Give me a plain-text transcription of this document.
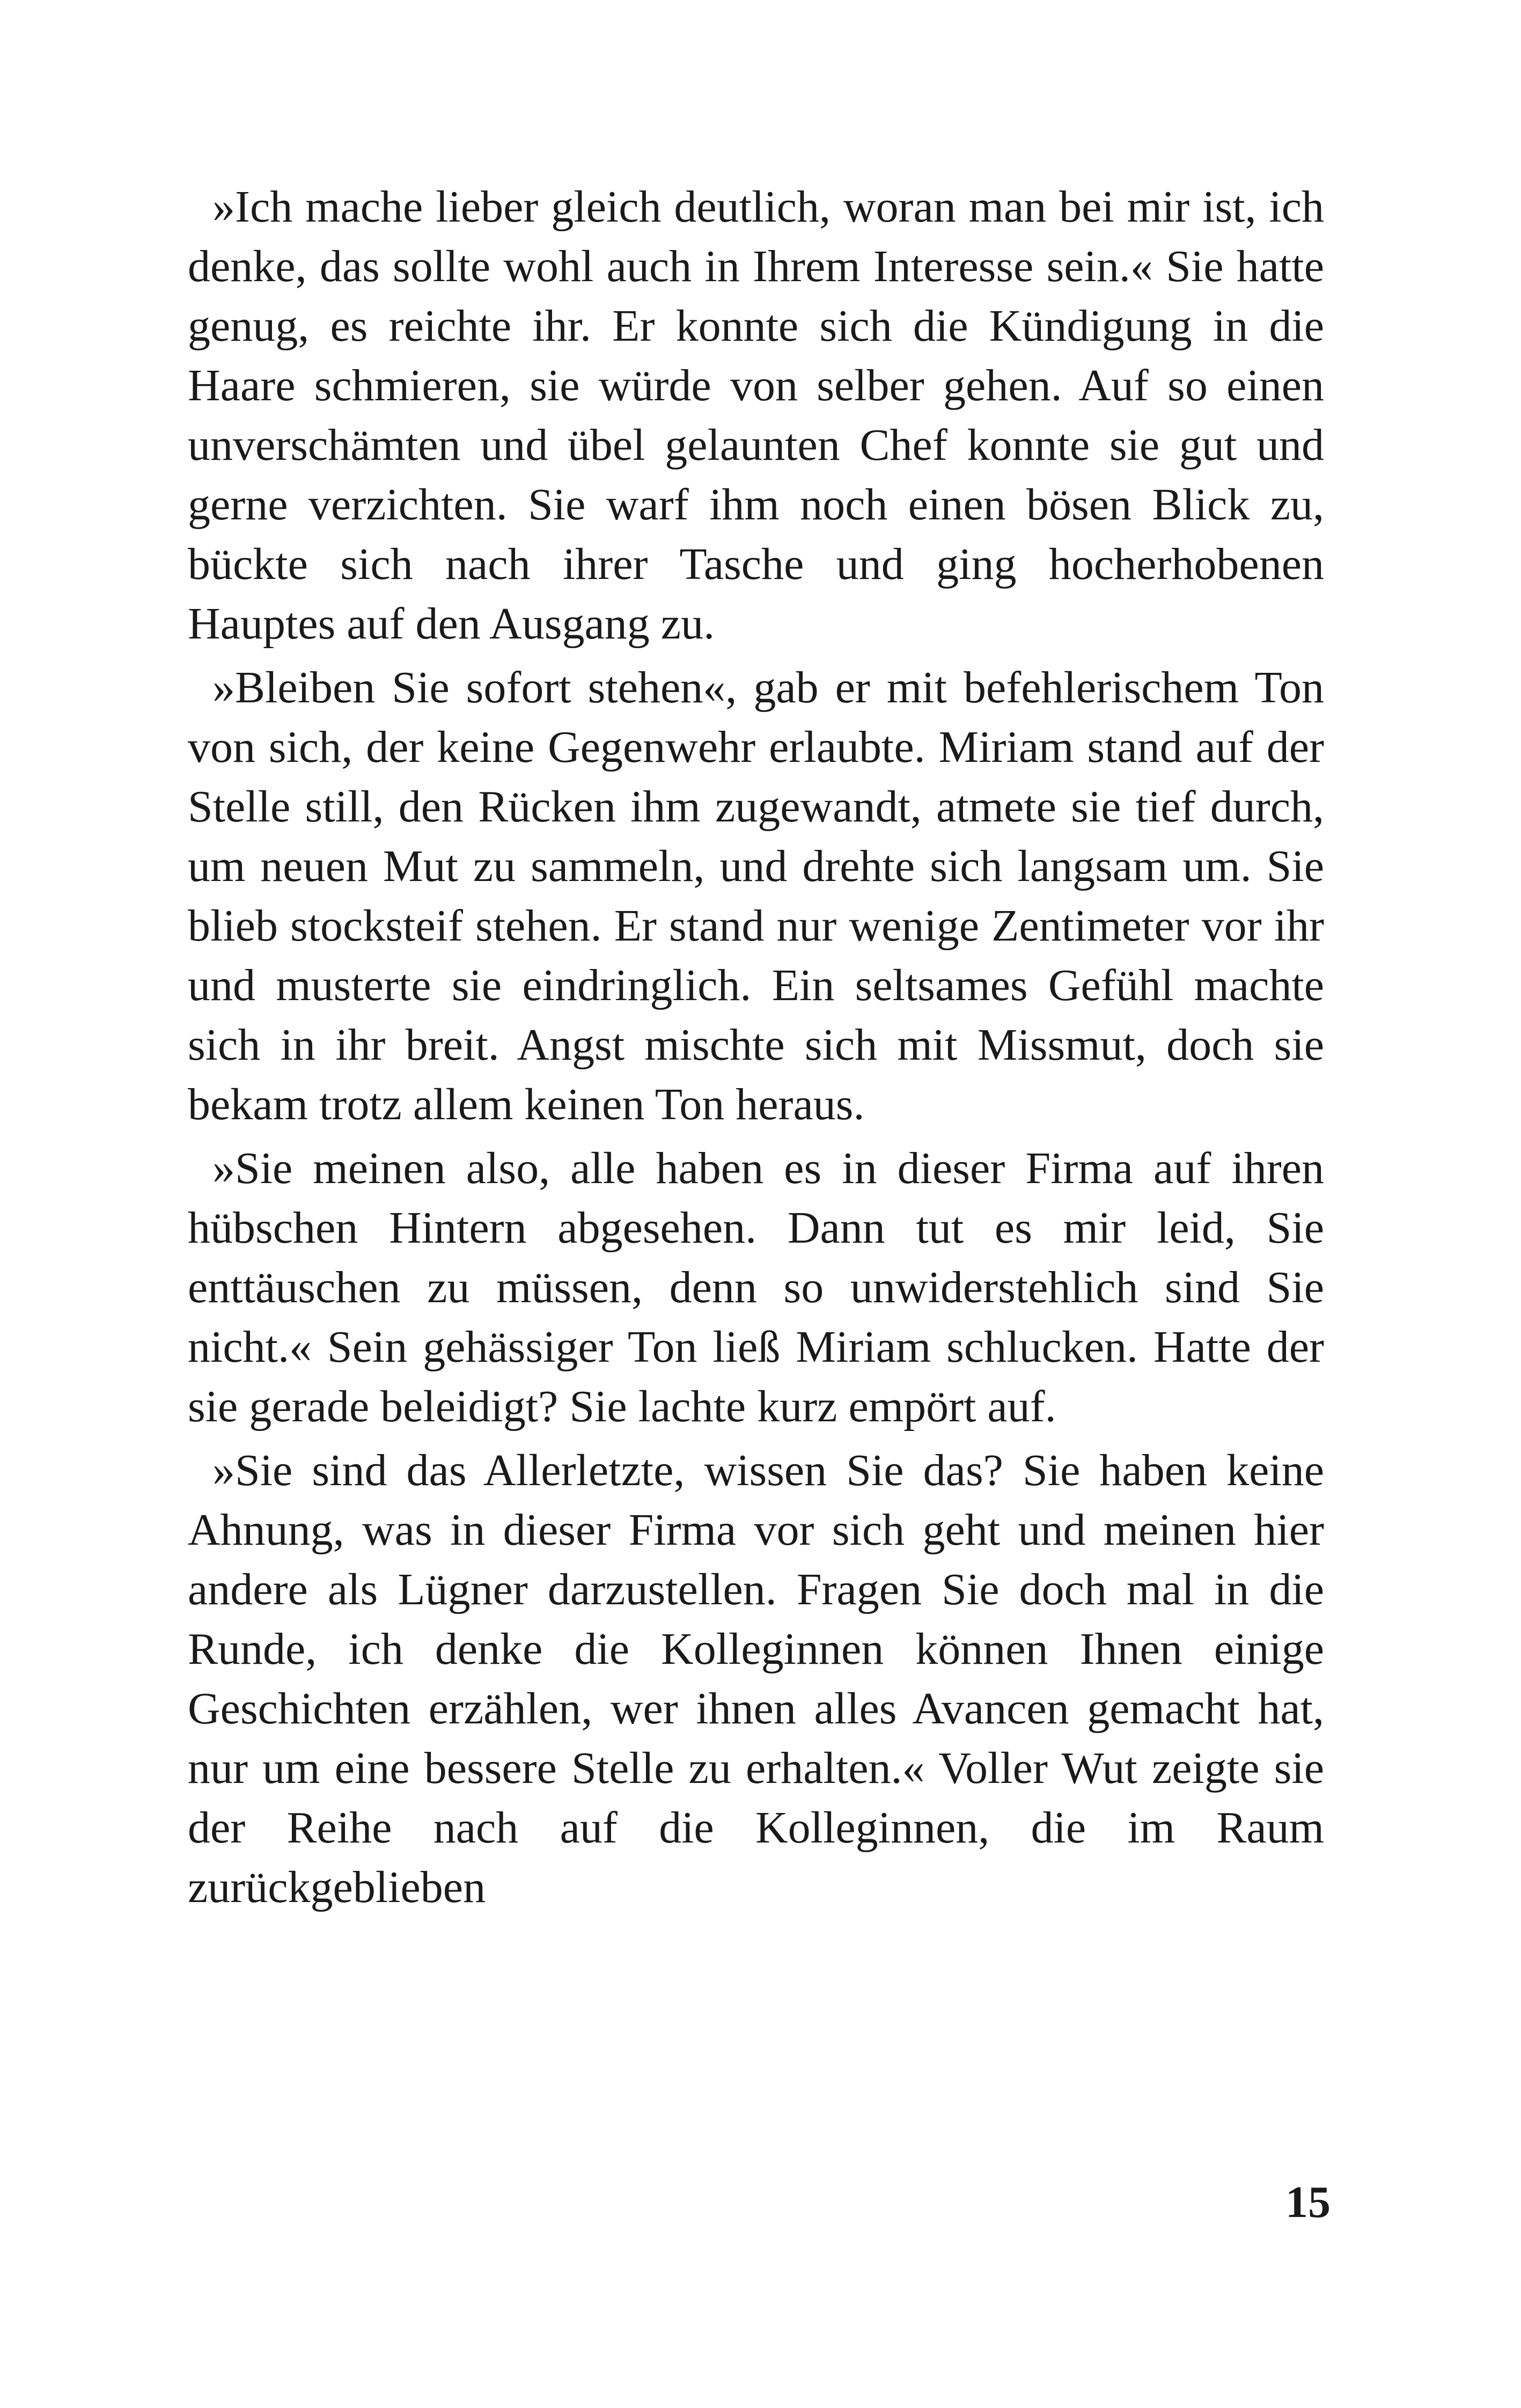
»Ich mache lieber gleich deutlich, woran man bei mir ist, ich denke, das sollte wohl auch in Ihrem Interesse sein.« Sie hatte genug, es reichte ihr. Er konnte sich die Kündigung in die Haare schmieren, sie würde von selber gehen. Auf so einen unverschämten und übel gelaunten Chef konnte sie gut und gerne verzichten. Sie warf ihm noch einen bösen Blick zu, bückte sich nach ihrer Tasche und ging hocherhobenen Hauptes auf den Ausgang zu.

»Bleiben Sie sofort stehen«, gab er mit befehlerischem Ton von sich, der keine Gegenwehr erlaubte. Miriam stand auf der Stelle still, den Rücken ihm zugewandt, atmete sie tief durch, um neuen Mut zu sammeln, und drehte sich langsam um. Sie blieb stocksteif stehen. Er stand nur wenige Zentimeter vor ihr und musterte sie eindringlich. Ein seltsames Gefühl machte sich in ihr breit. Angst mischte sich mit Missmut, doch sie bekam trotz allem keinen Ton heraus.

»Sie meinen also, alle haben es in dieser Firma auf ihren hübschen Hintern abgesehen. Dann tut es mir leid, Sie enttäuschen zu müssen, denn so unwiderstehlich sind Sie nicht.« Sein gehässiger Ton ließ Miriam schlucken. Hatte der sie gerade beleidigt? Sie lachte kurz empört auf.

»Sie sind das Allerletzte, wissen Sie das? Sie haben keine Ahnung, was in dieser Firma vor sich geht und meinen hier andere als Lügner darzustellen. Fragen Sie doch mal in die Runde, ich denke die Kolleginnen können Ihnen einige Geschichten erzählen, wer ihnen alles Avancen gemacht hat, nur um eine bessere Stelle zu erhalten.« Voller Wut zeigte sie der Reihe nach auf die Kolleginnen, die im Raum zurückgeblieben

15
